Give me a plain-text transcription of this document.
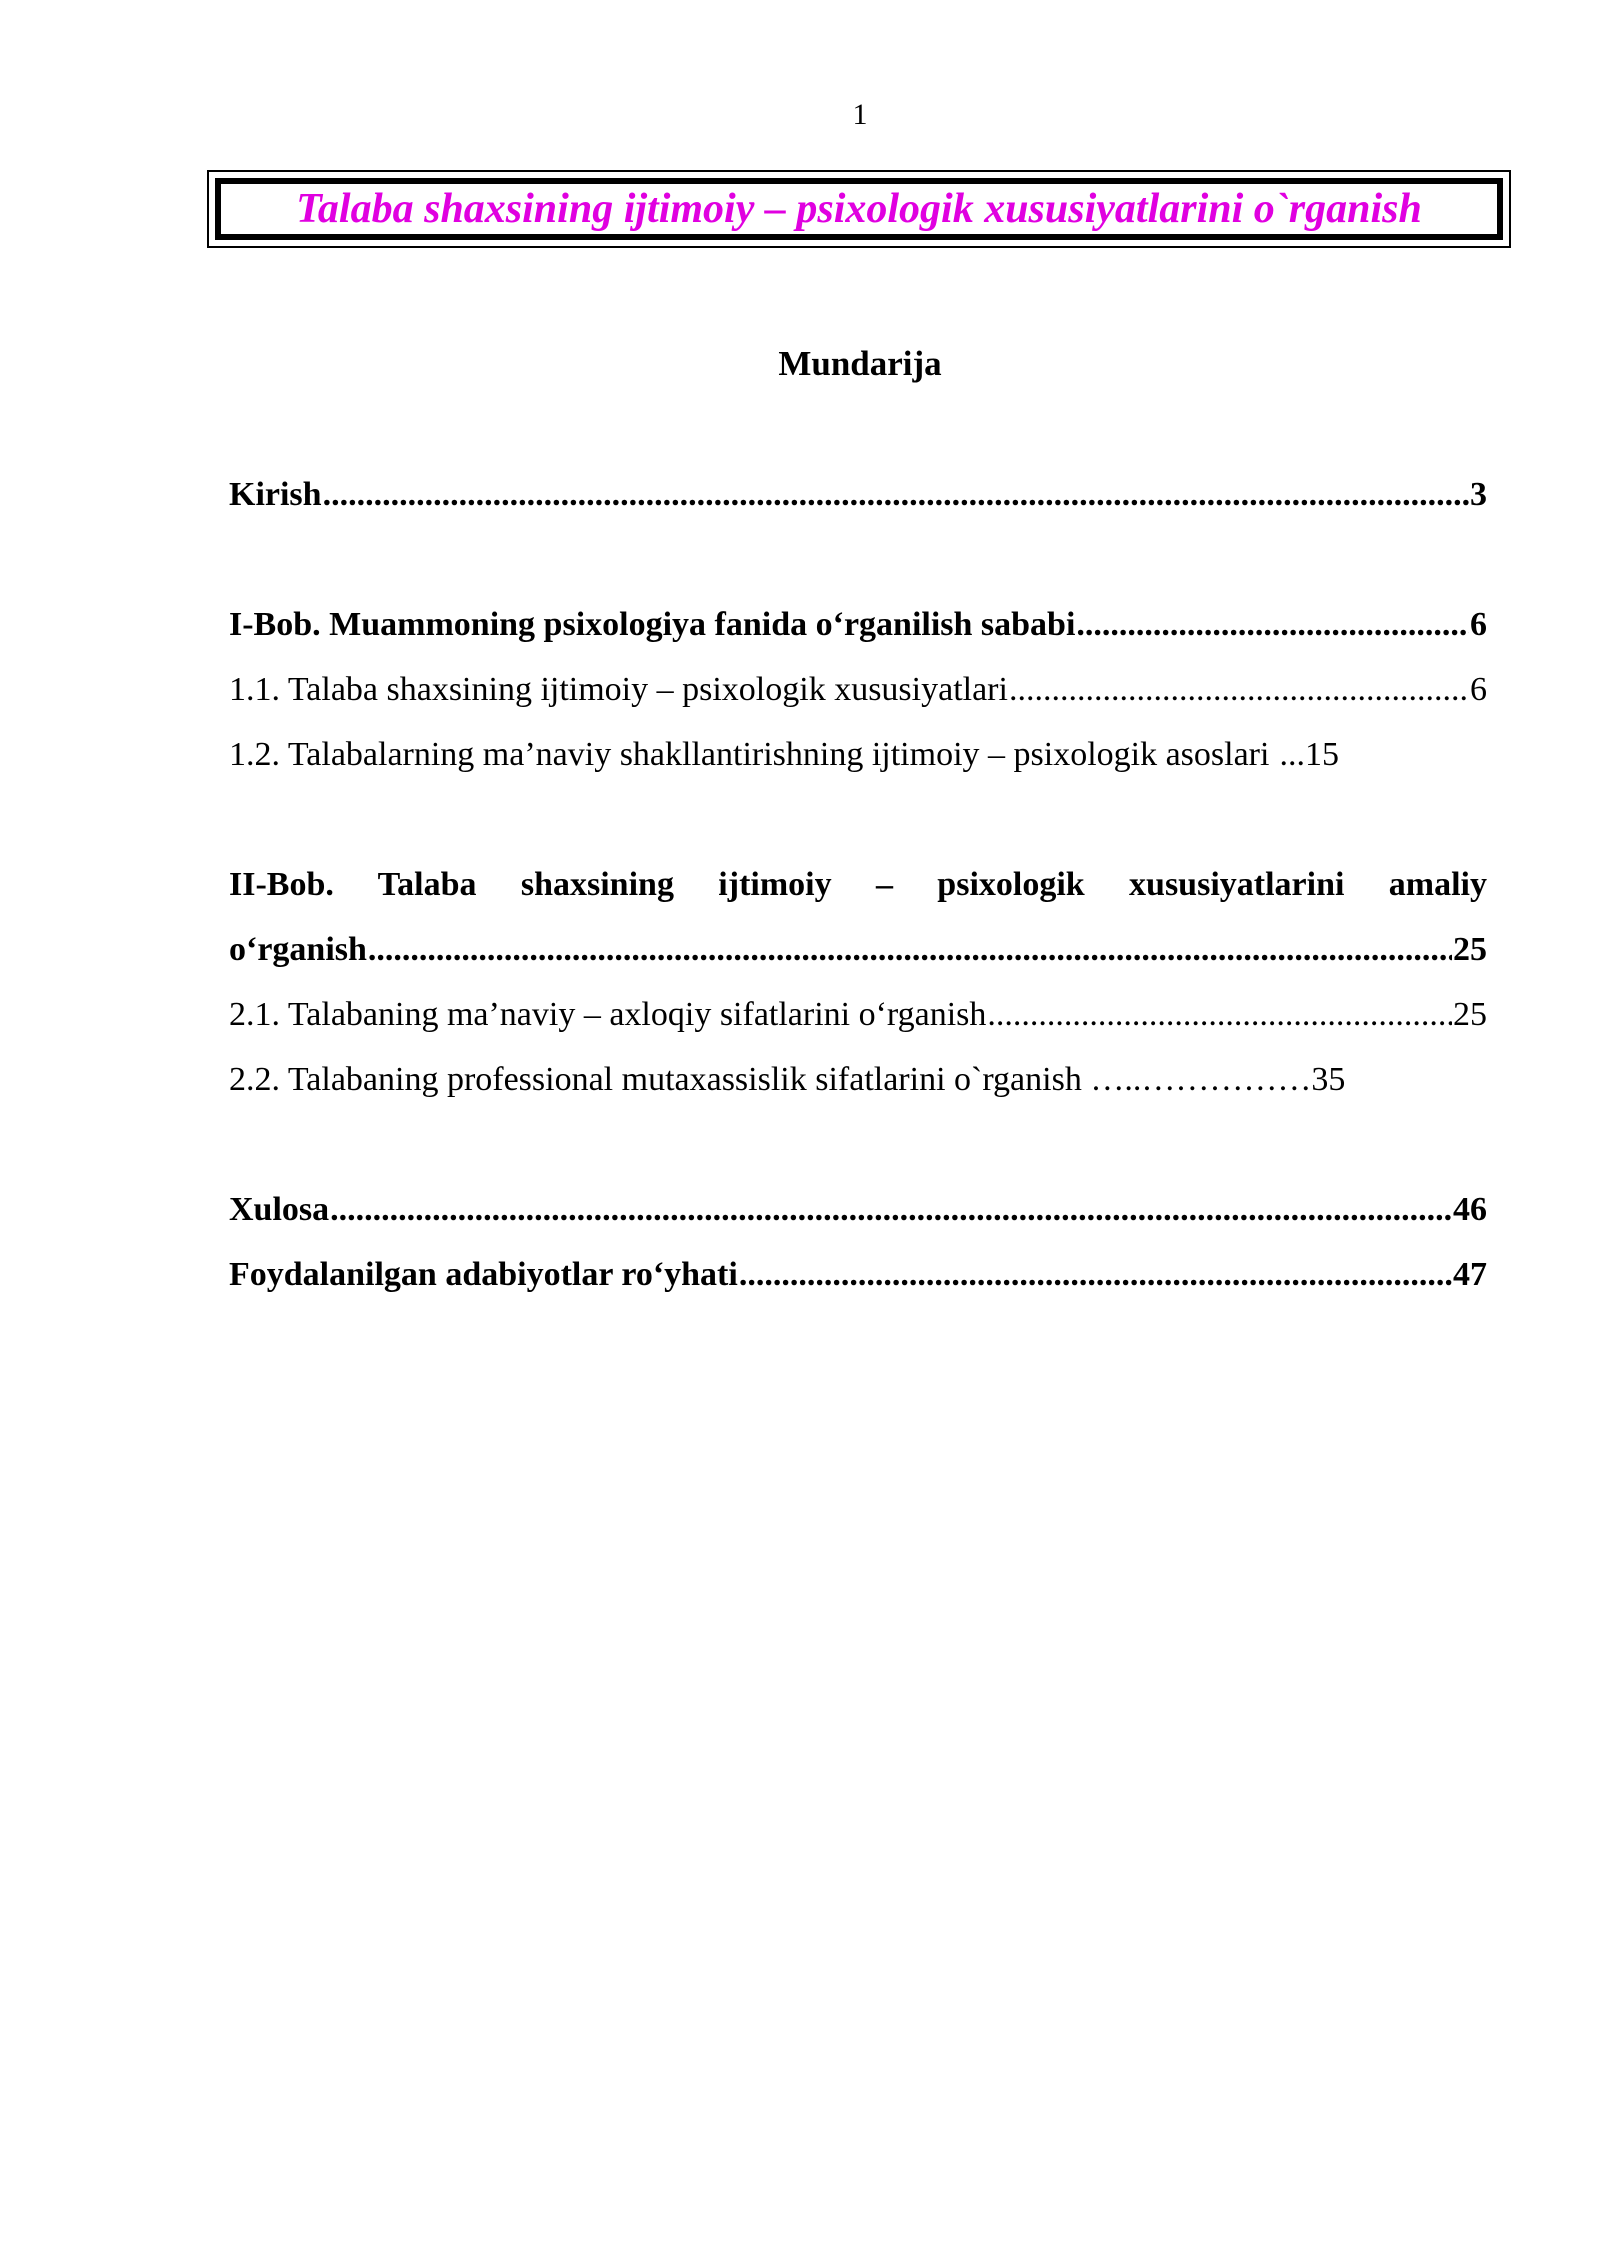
1
Talaba shaxsining ijtimoiy – psixologik xususiyatlarini o`rganish
Mundarija
Kirish .....	3
I-Bob. Muammoning psixologiya fanida o‘rganilish sababi .....	6
1.1. Talaba shaxsining ijtimoiy – psixologik xususiyatlari .....	6
1.2. Talabalarning ma’naviy shakllantirishning ijtimoiy – psixologik asoslari ...15
II-Bob. Talaba shaxsining ijtimoiy – psixologik xususiyatlarini amaliy
o‘rganish .....	25
2.1. Talabaning ma’naviy – axloqiy sifatlarini o‘rganish .....	25
2.2. Talabaning professional mutaxassislik sifatlarini o`rganish …..…………… 35
Xulosa .....	46
Foydalanilgan adabiyotlar ro‘yhati .....	47
